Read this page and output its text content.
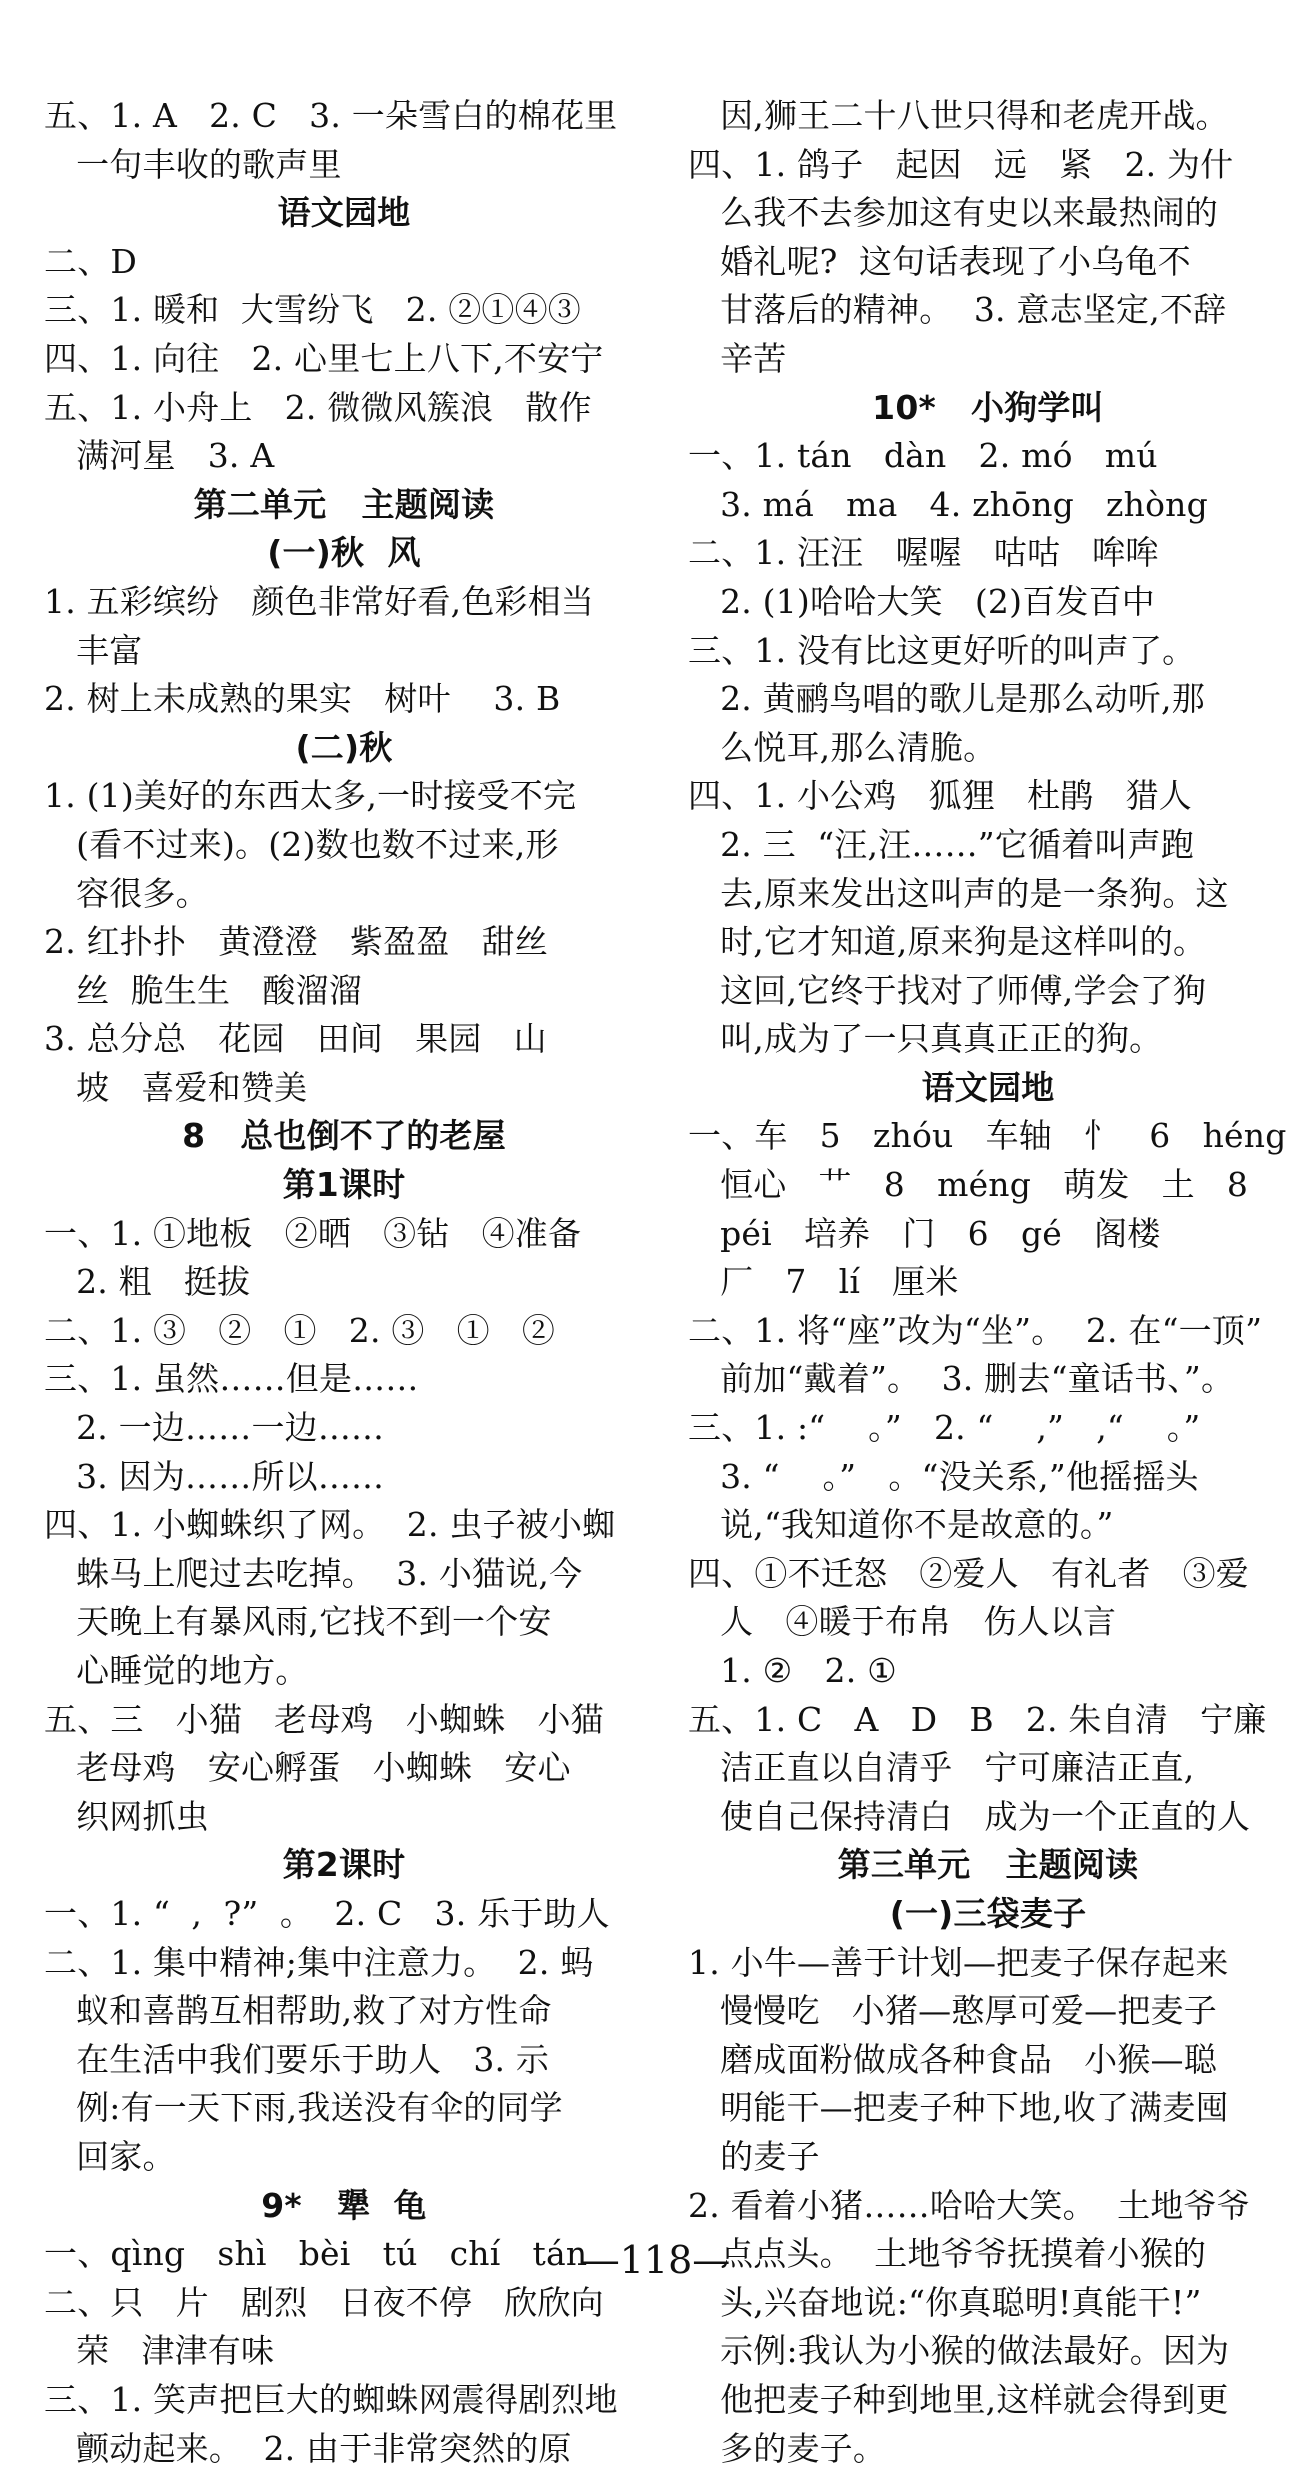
五、1. A   2. C   3. 一朵雪白的棉花里
一句丰收的歌声里
语文园地
二、D
三、1. 暖和  大雪纷飞   2. ②①④③
四、1. 向往   2. 心里七上八下,不安宁
五、1. 小舟上   2. 微微风簇浪   散作
满河星   3. A
第二单元   主题阅读
(一)秋  风
1. 五彩缤纷   颜色非常好看,色彩相当
丰富
2. 树上未成熟的果实   树叶    3. B
(二)秋
1. (1)美好的东西太多,一时接受不完
(看不过来)。(2)数也数不过来,形
容很多。
2. 红扑扑   黄澄澄   紫盈盈   甜丝
丝  脆生生   酸溜溜
3. 总分总   花园   田间   果园   山
坡   喜爱和赞美
8   总也倒不了的老屋
第1课时
一、1. ①地板   ②晒   ③钻   ④准备
2. 粗   挺拔
二、1. ③   ②   ①   2. ③   ①   ②
三、1. 虽然……但是……
2. 一边……一边……
3. 因为……所以……
四、1. 小蜘蛛织了网。  2. 虫子被小蜘
蛛马上爬过去吃掉。  3. 小猫说,今
天晚上有暴风雨,它找不到一个安
心睡觉的地方。
五、三   小猫   老母鸡   小蜘蛛   小猫
老母鸡   安心孵蛋   小蜘蛛   安心
织网抓虫
第2课时
一、1. “  ,  ?”  。  2. C   3. 乐于助人
二、1. 集中精神;集中注意力。  2. 蚂
蚁和喜鹊互相帮助,救了对方性命
在生活中我们要乐于助人   3. 示
例:有一天下雨,我送没有伞的同学
回家。
9*   犟  龟
一、qìng   shì   bèi   tú   chí   tán
二、只   片   剧烈   日夜不停   欣欣向
荣   津津有味
三、1. 笑声把巨大的蜘蛛网震得剧烈地
颤动起来。  2. 由于非常突然的原
因,狮王二十八世只得和老虎开战。
四、1. 鸽子   起因   远   紧   2. 为什
么我不去参加这有史以来最热闹的
婚礼呢?  这句话表现了小乌龟不
甘落后的精神。  3. 意志坚定,不辞
辛苦
10*   小狗学叫
一、1. tán   dàn   2. mó   mú
3. má   ma   4. zhōng   zhòng
二、1. 汪汪   喔喔   咕咕   哞哞
2. (1)哈哈大笑   (2)百发百中
三、1. 没有比这更好听的叫声了。
2. 黄鹂鸟唱的歌儿是那么动听,那
么悦耳,那么清脆。
四、1. 小公鸡   狐狸   杜鹃   猎人
2. 三  “汪,汪……”它循着叫声跑
去,原来发出这叫声的是一条狗。这
时,它才知道,原来狗是这样叫的。
这回,它终于找对了师傅,学会了狗
叫,成为了一只真真正正的狗。
语文园地
一、车   5   zhóu   车轴   忄   6   héng
恒心   艹   8   méng   萌发   土   8
péi   培养   门   6   gé   阁楼
厂   7   lí   厘米
二、1. 将“座”改为“坐”。  2. 在“一顶”
前加“戴着”。  3. 删去“童话书、”。
三、1. :“    。”   2. “    ,”   ,“    。”
3. “    。”   。“没关系,”他摇摇头
说,“我知道你不是故意的。”
四、①不迁怒   ②爱人   有礼者   ③爱
人   ④暖于布帛   伤人以言
1. ②   2. ①
五、1. C   A   D   B   2. 朱自清   宁廉
洁正直以自清乎   宁可廉洁正直,
使自己保持清白   成为一个正直的人
第三单元   主题阅读
(一)三袋麦子
1. 小牛—善于计划—把麦子保存起来
慢慢吃   小猪—憨厚可爱—把麦子
磨成面粉做成各种食品   小猴—聪
明能干—把麦子种下地,收了满麦囤
的麦子
2. 看着小猪……哈哈大笑。  土地爷爷
点点头。  土地爷爷抚摸着小猴的
头,兴奋地说:“你真聪明!真能干!”
示例:我认为小猴的做法最好。因为
他把麦子种到地里,这样就会得到更
多的麦子。
—118—
